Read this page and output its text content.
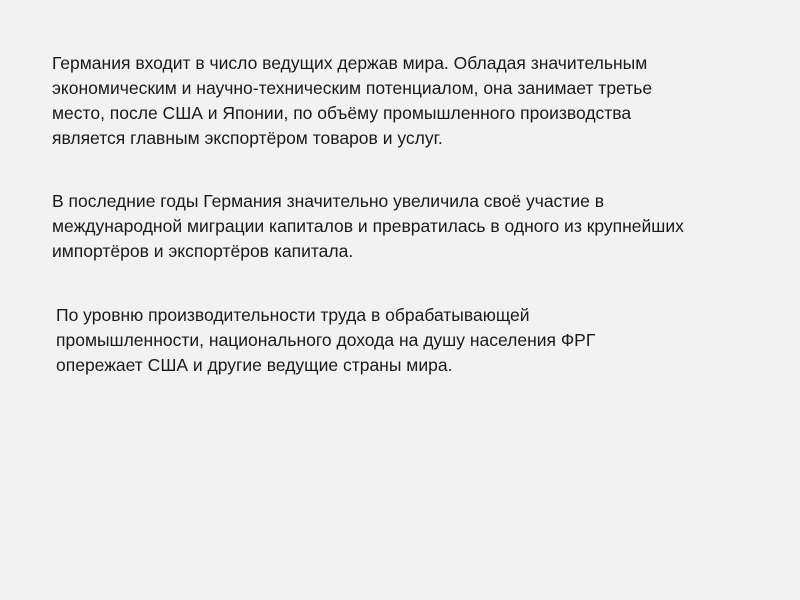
Германия входит в число ведущих держав мира. Обладая значительным
экономическим и научно-техническим потенциалом, она занимает третье
место, после США и Японии, по объёму промышленного производства
является главным экспортёром товаров и услуг.

В последние годы Германия значительно увеличила своё участие в
международной миграции капиталов и превратилась в одного из крупнейших
импортёров и экспортёров капитала.

По уровню производительности труда в обрабатывающей
промышленности, национального дохода на душу населения ФРГ
опережает США и другие ведущие страны мира.
